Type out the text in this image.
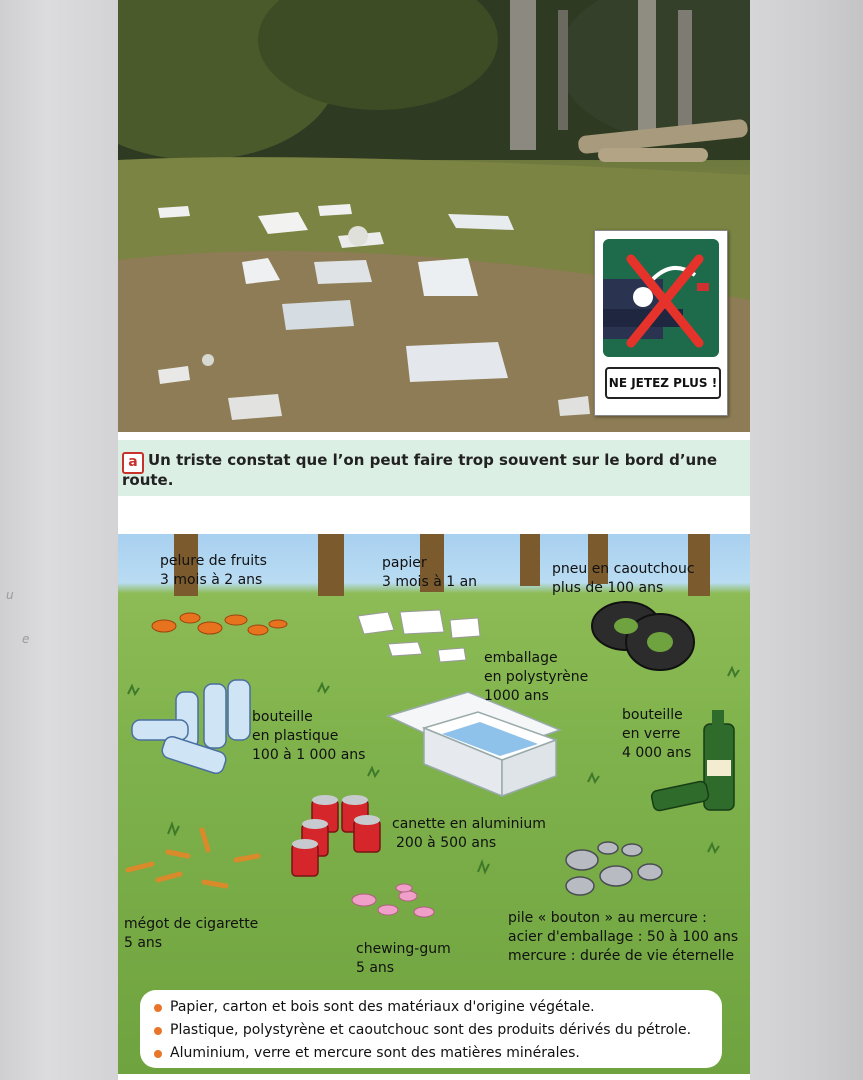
u
e
NE JETEZ PLUS !
a Un triste constat que l’on peut faire trop souvent sur le bord d’une
route.
pelure de fruits
3 mois à 2 ans
papier
3 mois à 1 an
pneu en caoutchouc
plus de 100 ans
emballage
en polystyrène
1000 ans
bouteille
en plastique
100 à 1 000 ans
bouteille
en verre
4 000 ans
canette en aluminium
200 à 500 ans
mégot de cigarette
5 ans	chewing-gum
5 ans
pile « bouton » au mercure :
acier d'emballage : 50 à 100 ans
mercure : durée de vie éternelle
Papier, carton et bois sont des matériaux d'origine végétale.
Plastique, polystyrène et caoutchouc sont des produits dérivés du pétrole.
Aluminium, verre et mercure sont des matières minérales.
